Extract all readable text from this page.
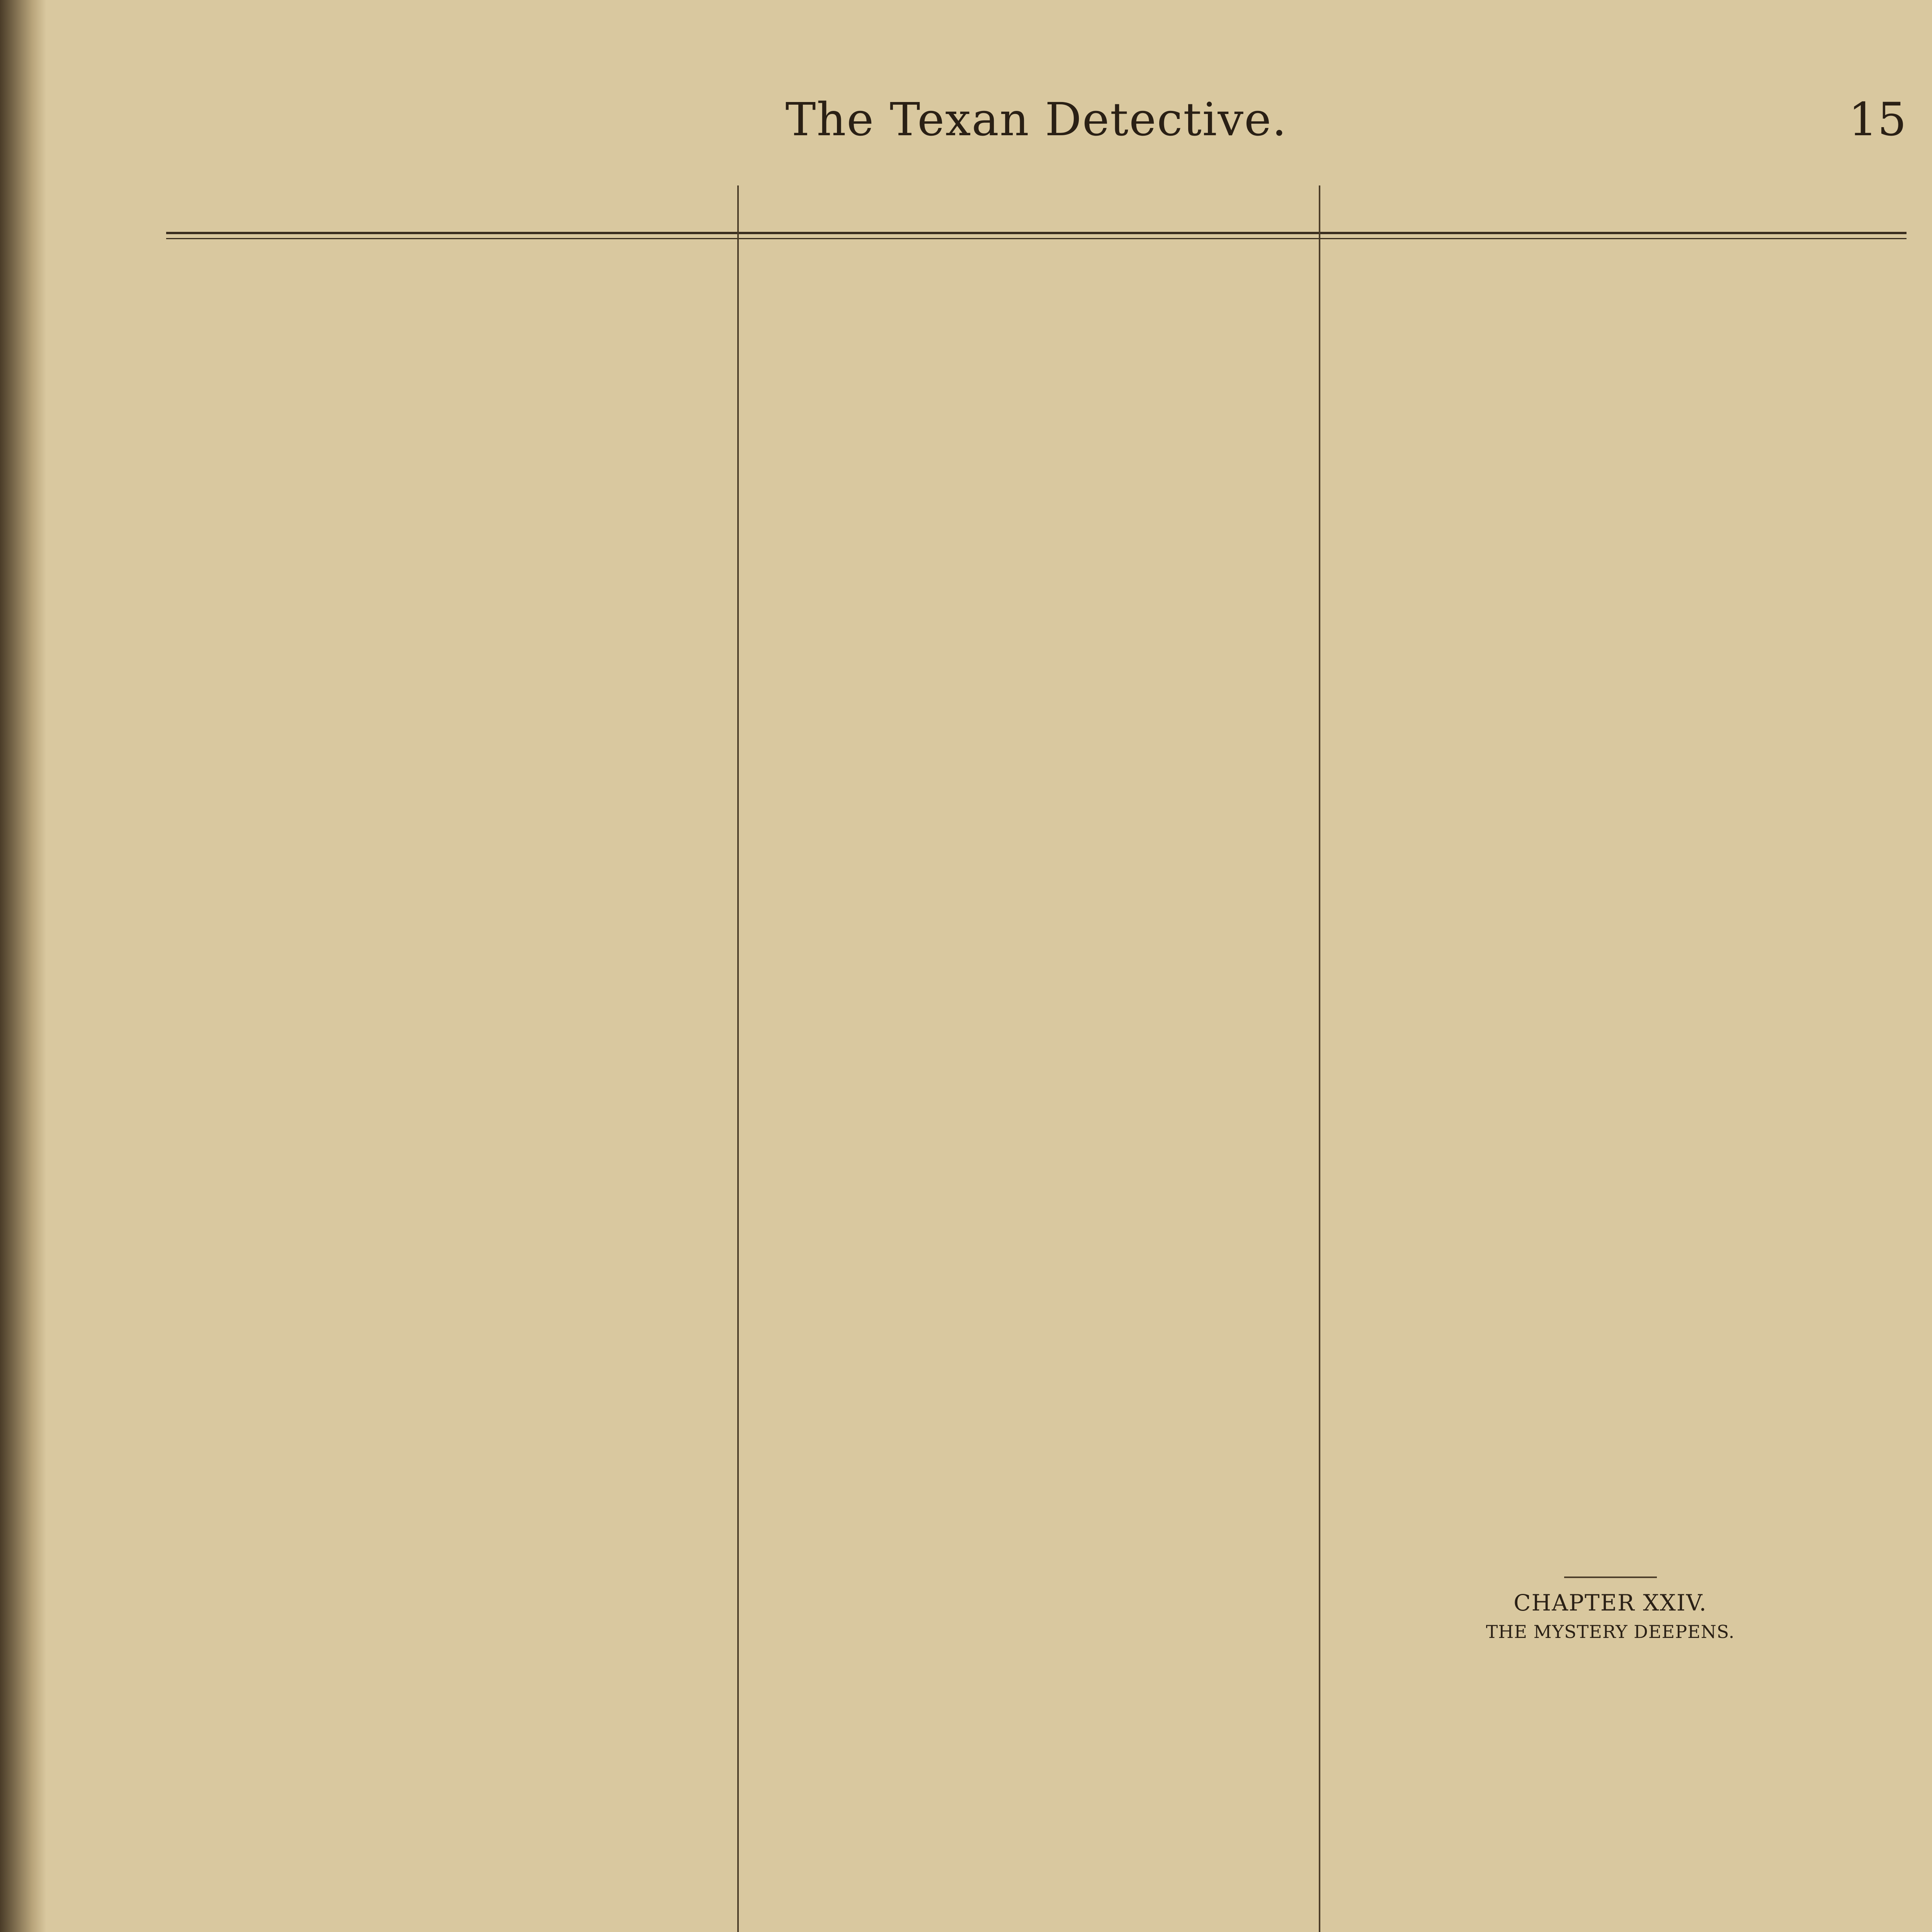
The Texan Detective.	15
CHAPTER XXIV.
THE MYSTERY DEEPENS.
